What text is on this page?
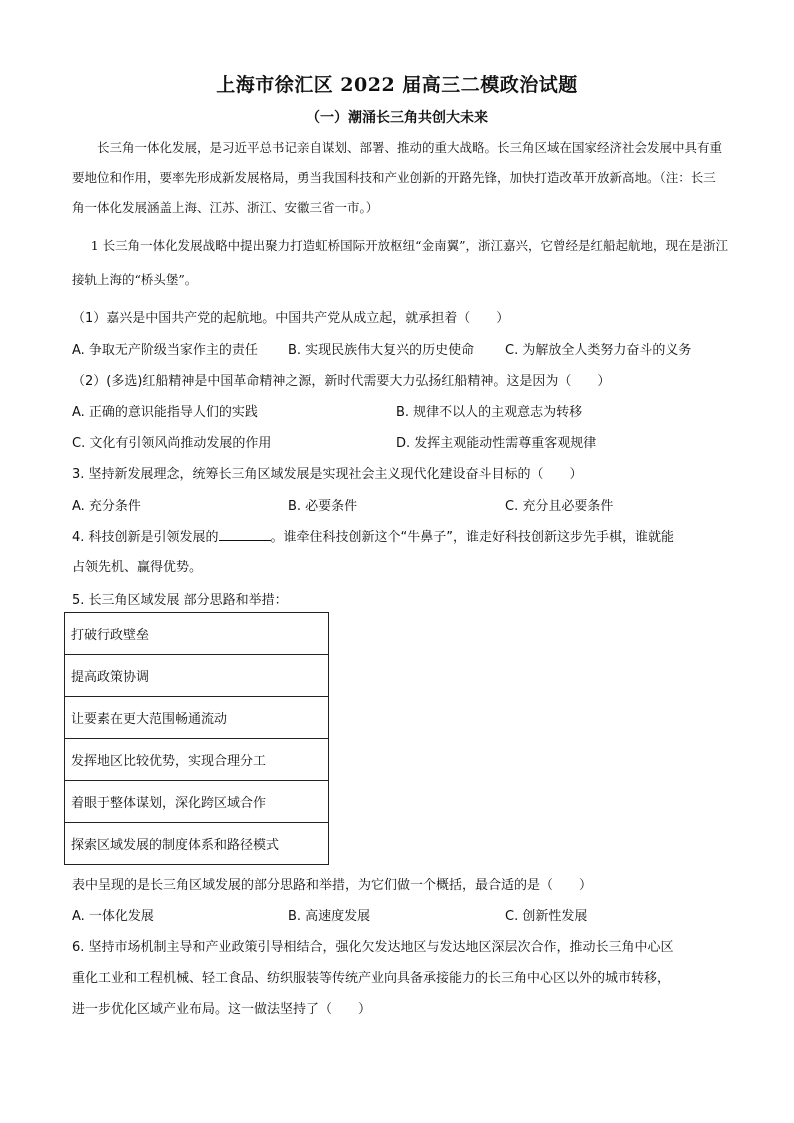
上海市徐汇区 2022 届高三二模政治试题
（一）潮涌长三角共创大未来

长三角一体化发展，是习近平总书记亲自谋划、部署、推动的重大战略。长三角区域在国家经济社会发展中具有重要地位和作用，要率先形成新发展格局，勇当我国科技和产业创新的开路先锋，加快打造改革开放新高地。（注：长三角一体化发展涵盖上海、江苏、浙江、安徽三省一市。）

1 长三角一体化发展战略中提出聚力打造虹桥国际开放枢纽“金南翼”，浙江嘉兴，它曾经是红船起航地，现在是浙江接轨上海的“桥头堡”。

（1）嘉兴是中国共产党的起航地。中国共产党从成立起，就承担着（　　）
A. 争取无产阶级当家作主的责任 B. 实现民族伟大复兴的历史使命 C. 为解放全人类努力奋斗的义务
（2）(多选)红船精神是中国革命精神之源，新时代需要大力弘扬红船精神。这是因为（　　）
A. 正确的意识能指导人们的实践	B. 规律不以人的主观意志为转移
C. 文化有引领风尚推动发展的作用	D. 发挥主观能动性需尊重客观规律
3. 坚持新发展理念，统筹长三角区域发展是实现社会主义现代化建设奋斗目标的（　　）
A. 充分条件	B. 必要条件	C. 充分且必要条件
4. 科技创新是引领发展的	。谁牵住科技创新这个“牛鼻子”，谁走好科技创新这步先手棋，谁就能
占领先机、赢得优势。
5. 长三角区域发展 部分思路和举措：
打破行政壁垒
提高政策协调
让要素在更大范围畅通流动
发挥地区比较优势，实现合理分工
着眼于整体谋划，深化跨区域合作
探索区域发展的制度体系和路径模式
表中呈现的是长三角区域发展的部分思路和举措，为它们做一个概括，最合适的是（　　）
A. 一体化发展	B. 高速度发展	C. 创新性发展
6. 坚持市场机制主导和产业政策引导相结合，强化欠发达地区与发达地区深层次合作，推动长三角中心区
重化工业和工程机械、轻工食品、纺织服装等传统产业向具备承接能力的长三角中心区以外的城市转移，
进一步优化区域产业布局。这一做法坚持了（　　）
